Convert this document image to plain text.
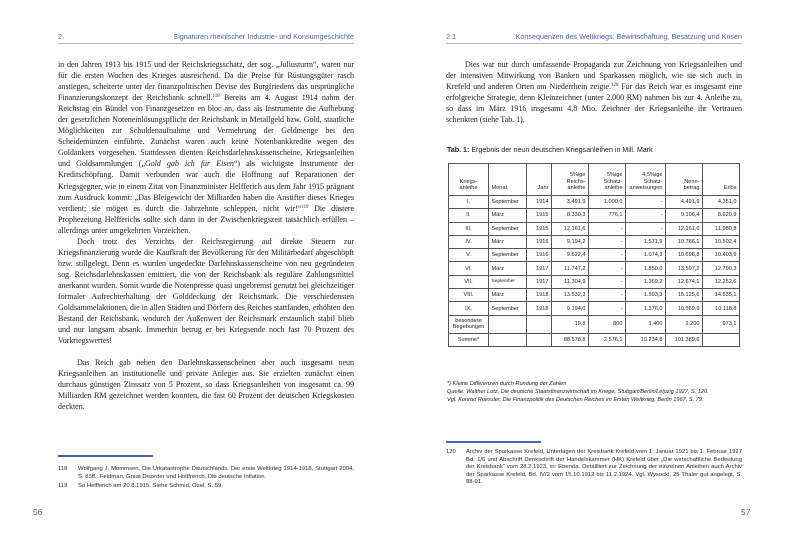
2.	Signaturen rheinischer Industrie- und Konsumgeschichte

in den Jahren 1913 bis 1915 und der Reichskriegsschatz, der sog. „Juliusturm“, waren nur für die ersten Wochen des Krieges ausreichend. Da die Preise für Rüstungsgüter rasch anstiegen, scheiterte unter der finanzpolitischen Devise des Burgfriedens das ursprüngliche Finanzierungskonzept der Reichsbank schnell.$^{118}$ Bereits am 4. August 1914 nahm der Reichstag ein Bündel von Finanzgesetzen en bloc an, dass als Instrumente die Aufhebung der gesetzlichen Noteneinlösungspflicht der Reichsbank in Metallgeld bzw. Gold, staatliche Möglichkeiten zur Schuldenaufnahme und Vermehrung der Geldmenge bei den Scheidemünzen einführte. Zunächst waren auch keine Notenbankkredite wegen des Goldankers vorgesehen. Stattdessen dienten Reichsdarlehnskassenscheine, Kriegsanleihen und Goldsammlungen („Gold gab ich für Eisen“) als wichtigste Instrumente der Kreditschöpfung. Damit verbunden war auch die Hoffnung auf Reparationen der Kriegsgegner, wie in einem Zitat von Finanzminister Helfferich aus dem Jahr 1915 prägnant zum Ausdruck kommt: „Das Bleigewicht der Milliarden haben die Anstifter dieses Krieges verdient; sie mögen es durch die Jahrzehnte schleppen, nicht wir!“$^{119}$ Die düstere Prophezeiung Helfferichs sollte sich dann in der Zwischenkriegszeit tatsächlich erfüllen – allerdings unter umgekehrten Vorzeichen.

Doch trotz des Verzichts der Reichsregierung auf direkte Steuern zur Kriegsfinanzierung wurde die Kaufkraft der Bevölkerung für den Militärbedarf abgeschöpft bzw. stillgelegt. Denn es wurden ungedeckte Darlehnskassenscheine von neu gegründeten sog. Reichsdarlehnskassen emittiert, die von der Reichsbank als reguläre Zahlungsmittel anerkannt wurden. Somit wurde die Notenpresse quasi ungebremst genutzt bei gleichzeitiger formaler Aufrechterhaltung der Golddeckung der Reichsmark. Die verschiedensten Goldsammelaktionen, die in allen Städten und Dörfern des Reiches stattfanden, erhöhten den Bestand der Reichsbank, wodurch der Außenwert der Reichsmark erstaunlich stabil blieb und nur langsam absank. Immerhin betrug er bei Kriegsende noch fast 70 Prozent des Vorkriegswertes!

Das Reich gab neben den Darlehnskassenscheinen aber auch insgesamt neun Kriegsanleihen an institutionelle und private Anleger aus. Sie erzielten zunächst einen durchaus günstigen Zinssatz von 5 Prozent, so dass Kriegsanleihen von insgesamt ca. 99 Milliarden RM gezeichnet werden konnten, die fast 60 Prozent der deutschen Kriegskosten deckten.

118 Wolfgang J. Mommsen, Die Urkatastrophe Deutschlands. Der erste Weltkrieg 1914-1918, Stuttgart 2004, S. 83ff.; Feldman, Great Disorder und Holtfrerich, Die deutsche Inflation.
119 So Helfferich am 20.8.1915. Siehe Schmid, Osel, S. 59.
56
2.1	Konsequenzen des Weltkriegs: Bewirtschaftung, Besatzung und Krisen

Dies war nur durch umfassende Propaganda zur Zeichnung von Kriegsanleihen und der intensiven Mitwirkung von Banken und Sparkassen möglich, wie sie sich auch in Krefeld und anderen Orten am Niederrhein zeigte.$^{120}$ Für das Reich war es insgesamt eine erfolgreiche Strategie, denn Kleinzeichner (unter 2.000 RM) nahmen bis zur 4. Anleihe zu, so dass im März 1916 insgesamt 4,8 Mio. Zeichner der Kriegsanleihe ihr Vertrauen schenkten (siehe Tab. 1).

Tab. 1: Ergebnis der neun deutschen Kriegsanleihen in Mill. Mark
Kriegs-
anleihe	Monat	Jahr	5%ige
Reichs-
anleihe	5%ige
Schatz-
anleihe	4,5%ige
Schatz-
anweisungen	Nenn-
betrag	Erlös
I.	September	1914	3.491,9	1.000,0	-	4.491,9	4.351,0
II.	März	1915	8.330,3	776,1	-	9.106,4	8.920,9
III.	September	1915	12.161,6	-	-	12.161,6	11.980,8
IV.	März	1916	9.194,2	-	1.571,9	10.766,1	10.502,4
V.	September	1916	9.622,4	-	1.074,3	10.696,8	10.403,9
VI.	März	1917	11.747,2	-	1.850,0	13.597,2	12.790,3
VII.	September	1917	11.304,9	-	1.369,2	12.674,1	12.252,6
VIII.	März	1918	13.532,3	-	1.593,3	15.125,6	14.635,1
IX.	September	1918	9.194,0	-	1.376,0	10.569,9	10.118,8
besondere
Begebungen			19,8	800	1.400	2.200	973,1
Summe*			88.578,8	2.576,1	10.234,8	101.389,6	
*) Kleine Differenzen durch Rundung der Zahlen
Quelle: Walther Lotz, Die deutsche Staatsfinanzwirtschaft im Kriege, Stuttgart/Berlin/Leipzig 1927, S. 120.
Vgl. Konrad Roessler, Die Finanzpolitik des Deutschen Reiches im Ersten Weltkrieg, Berlin 1967, S. 79.
120 Archiv der Sparkasse Krefeld, Unterlagen der Kreisbank Krefeld vom 1. Januar 1921 bis 1. Februar 1927 Bd. 1/6 und Abschrift Denkschrift der Handelskammer (HK) Krefeld über „Die wirtschaftliche Bedeutung der Kreisbank“ vom 28.2.1923, in: Ebenda. Detailliert zur Zeichnung der einzelnen Anleihen auch Archiv der Sparkasse Krefeld, Bd. IV/2 vom 15.10.1912 bis 11.2.1924. Vgl. Wysocki, 25 Thaler gut angelegt, S. 88-91.
57
